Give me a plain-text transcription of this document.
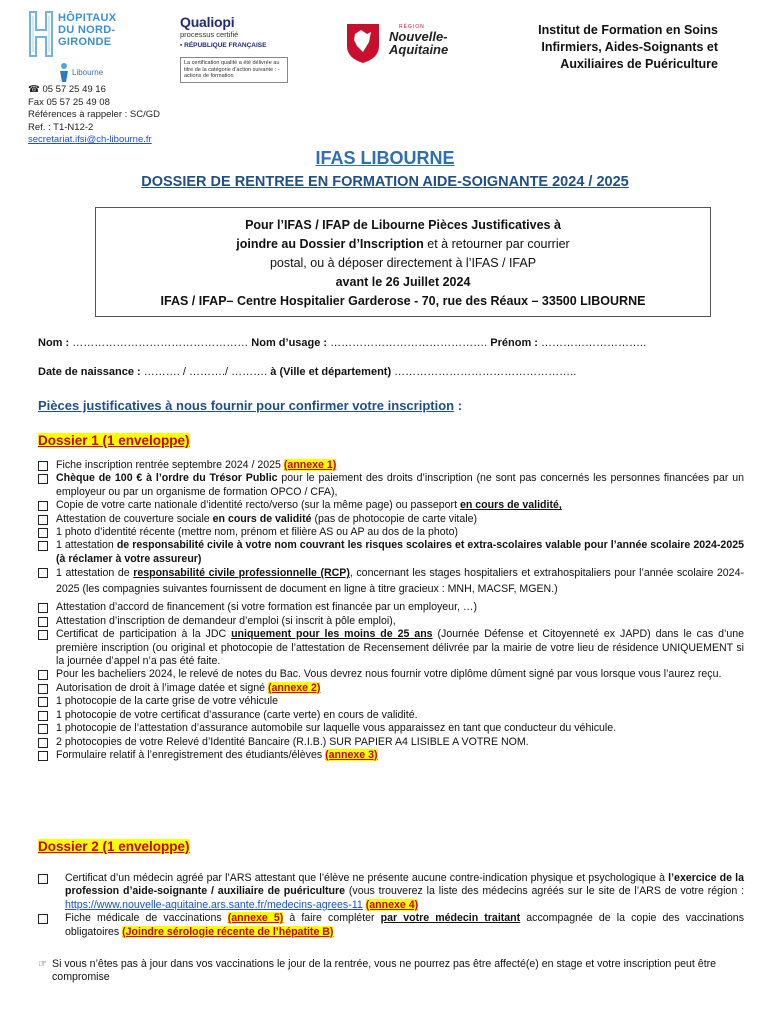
HÔPITAUX
DU NORD-
GIRONDE
Libourne
Qualiopi
processus certifié
▪ RÉPUBLIQUE FRANÇAISE
La certification qualité a été délivrée au titre de la catégorie d'action suivante : - actions de formation
RÉGION
Nouvelle-
Aquitaine
Institut de Formation en Soins
Infirmiers, Aides-Soignants et
Auxiliaires de Puériculture
☎ 05 57 25 49 16
Fax 05 57 25 49 08
Références à rappeler : SC/GD
Ref. : T1-N12-2
secretariat.ifsi@ch-libourne.fr
IFAS LIBOURNE
DOSSIER DE RENTREE EN FORMATION AIDE-SOIGNANTE 2024 / 2025
Pour l’IFAS / IFAP de Libourne Pièces Justificatives à
joindre au Dossier d’Inscription et à retourner par courrier
postal, ou à déposer directement à l’IFAS / IFAP
avant le 26 Juillet 2024
IFAS / IFAP– Centre Hospitalier Garderose - 70, rue des Réaux – 33500 LIBOURNE
Nom : ………………………………………… Nom d’usage : ……………………………………. Prénom : ………………………..
Date de naissance : ………. / ………./ ………. à (Ville et département) …………………………………………..
Pièces justificatives à nous fournir pour confirmer votre inscription :
Dossier 1 (1 enveloppe)
Fiche inscription rentrée septembre 2024 / 2025 (annexe 1)
Chèque de 100 € à l’ordre du Trésor Public pour le paiement des droits d’inscription (ne sont pas concernés les personnes financées par un employeur ou par un organisme de formation OPCO / CFA),
Copie de votre carte nationale d’identité recto/verso (sur la même page) ou passeport en cours de validité,
Attestation de couverture sociale en cours de validité (pas de photocopie de carte vitale)
1 photo d’identité récente (mettre nom, prénom et filière AS ou AP au dos de la photo)
1 attestation de responsabilité civile à votre nom couvrant les risques scolaires et extra-scolaires valable pour l’année scolaire 2024-2025 (à réclamer à votre assureur)
1 attestation de responsabilité civile professionnelle (RCP), concernant les stages hospitaliers et extrahospitaliers pour l’année scolaire 2024-2025 (les compagnies suivantes fournissent de document en ligne à titre gracieux : MNH, MACSF, MGEN.)
Attestation d’accord de financement (si votre formation est financée par un employeur, …)
Attestation d’inscription de demandeur d’emploi (si inscrit à pôle emploi),
Certificat de participation à la JDC uniquement pour les moins de 25 ans (Journée Défense et Citoyenneté ex JAPD) dans le cas d’une première inscription (ou original et photocopie de l’attestation de Recensement délivrée par la mairie de votre lieu de résidence UNIQUEMENT si la journée d’appel n’a pas été faite.
Pour les bacheliers 2024, le relevé de notes du Bac. Vous devrez nous fournir votre diplôme dûment signé par vous lorsque vous l’aurez reçu.
Autorisation de droit à l’image datée et signé (annexe 2)
1 photocopie de la carte grise de votre véhicule
1 photocopie de votre certificat d’assurance (carte verte) en cours de validité.
1 photocopie de l’attestation d’assurance automobile sur laquelle vous apparaissez en tant que conducteur du véhicule.
2 photocopies de votre Relevé d’Identité Bancaire (R.I.B.) SUR PAPIER A4 LISIBLE A VOTRE NOM.
Formulaire relatif à l’enregistrement des étudiants/élèves (annexe 3)
Dossier 2 (1 enveloppe)
Certificat d’un médecin agréé par l’ARS attestant que l’élève ne présente aucune contre-indication physique et psychologique à l’exercice de la profession d’aide-soignante / auxiliaire de puériculture (vous trouverez la liste des médecins agréés sur le site de l’ARS de votre région : https://www.nouvelle-aquitaine.ars.sante.fr/medecins-agrees-11 (annexe 4)
Fiche médicale de vaccinations (annexe 5) à faire compléter par votre médecin traitant accompagnée de la copie des vaccinations obligatoires (Joindre sérologie récente de l’hépatite B)
☞ Si vous n’êtes pas à jour dans vos vaccinations le jour de la rentrée, vous ne pourrez pas être affecté(e) en stage et votre inscription peut être compromise
